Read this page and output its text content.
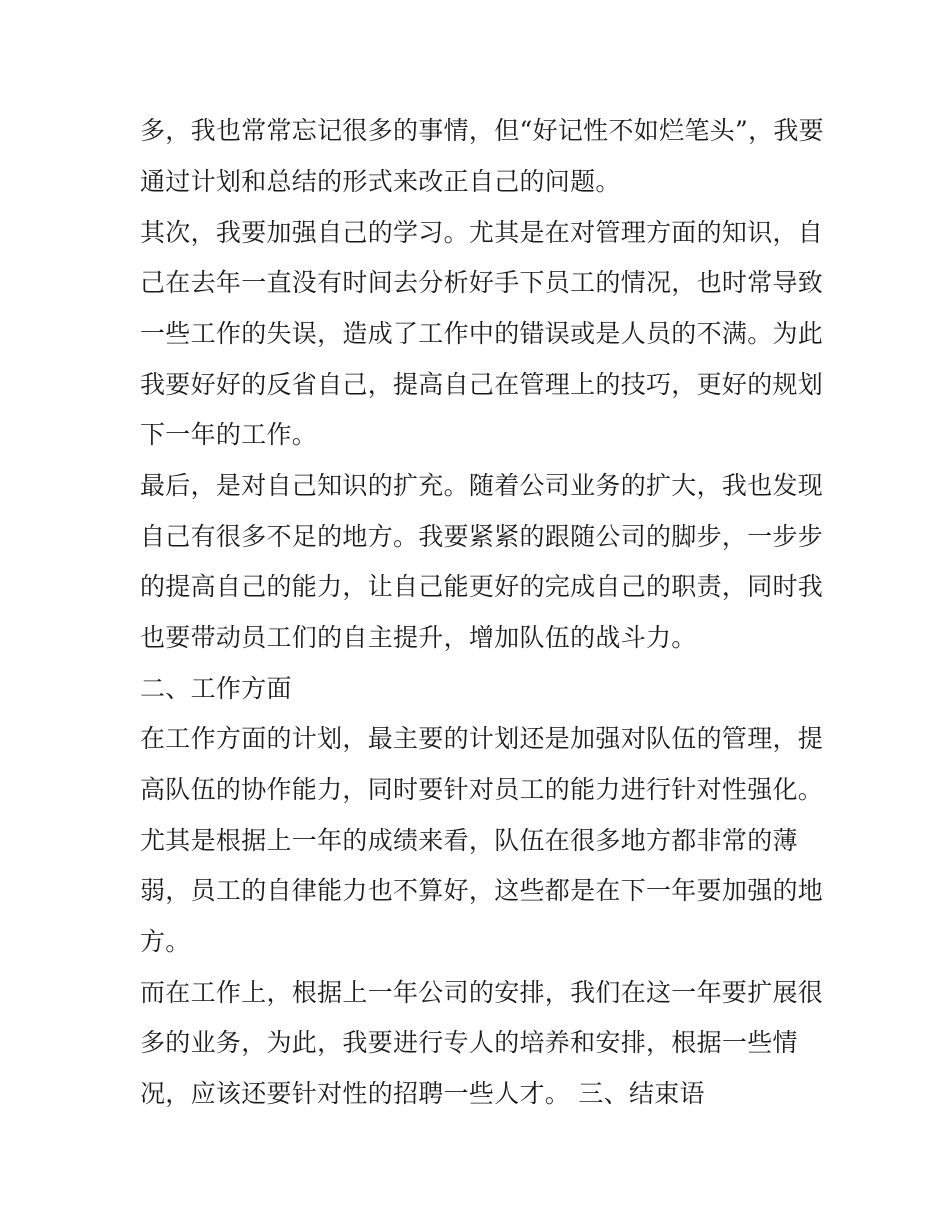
多，我也常常忘记很多的事情，但“好记性不如烂笔头”，我要
通过计划和总结的形式来改正自己的问题。
其次，我要加强自己的学习。尤其是在对管理方面的知识，自
己在去年一直没有时间去分析好手下员工的情况，也时常导致
一些工作的失误，造成了工作中的错误或是人员的不满。为此
我要好好的反省自己，提高自己在管理上的技巧，更好的规划
下一年的工作。
最后，是对自己知识的扩充。随着公司业务的扩大，我也发现
自己有很多不足的地方。我要紧紧的跟随公司的脚步，一步步
的提高自己的能力，让自己能更好的完成自己的职责，同时我
也要带动员工们的自主提升，增加队伍的战斗力。
二、工作方面
在工作方面的计划，最主要的计划还是加强对队伍的管理，提
高队伍的协作能力，同时要针对员工的能力进行针对性强化。
尤其是根据上一年的成绩来看，队伍在很多地方都非常的薄
弱，员工的自律能力也不算好，这些都是在下一年要加强的地
方。
而在工作上，根据上一年公司的安排，我们在这一年要扩展很
多的业务，为此，我要进行专人的培养和安排，根据一些情
况，应该还要针对性的招聘一些人才。 三、结束语
